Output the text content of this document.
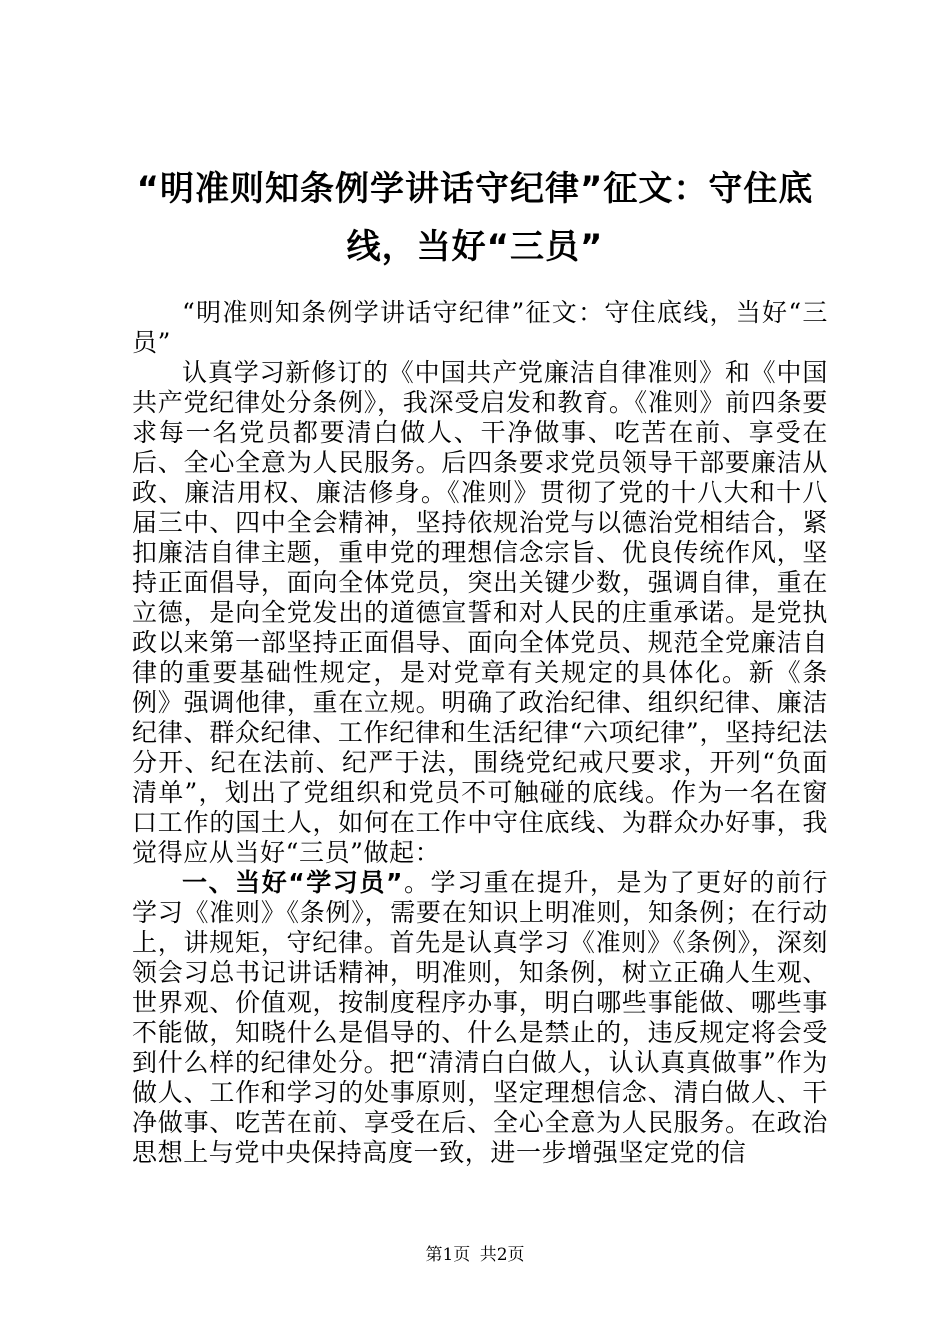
“明准则知条例学讲话守纪律”征文：守住底线，当好“三员”

“明准则知条例学讲话守纪律”征文：守住底线，当好“三员”

认真学习新修订的《中国共产党廉洁自律准则》和《中国共产党纪律处分条例》，我深受启发和教育。《准则》前四条要求每一名党员都要清白做人、干净做事、吃苦在前、享受在后、全心全意为人民服务。后四条要求党员领导干部要廉洁从政、廉洁用权、廉洁修身。《准则》贯彻了党的十八大和十八届三中、四中全会精神，坚持依规治党与以德治党相结合，紧扣廉洁自律主题，重申党的理想信念宗旨、优良传统作风，坚持正面倡导，面向全体党员，突出关键少数，强调自律，重在立德，是向全党发出的道德宣誓和对人民的庄重承诺。是党执政以来第一部坚持正面倡导、面向全体党员、规范全党廉洁自律的重要基础性规定，是对党章有关规定的具体化。新《条例》强调他律，重在立规。明确了政治纪律、组织纪律、廉洁纪律、群众纪律、工作纪律和生活纪律“六项纪律”，坚持纪法分开、纪在法前、纪严于法，围绕党纪戒尺要求，开列“负面清单”，划出了党组织和党员不可触碰的底线。作为一名在窗口工作的国土人，如何在工作中守住底线、为群众办好事，我觉得应从当好“三员”做起：

一、当好“学习员”。学习重在提升，是为了更好的前行学习《准则》《条例》，需要在知识上明准则，知条例；在行动上，讲规矩，守纪律。首先是认真学习《准则》《条例》，深刻领会习总书记讲话精神，明准则，知条例，树立正确人生观、世界观、价值观，按制度程序办事，明白哪些事能做、哪些事不能做，知晓什么是倡导的、什么是禁止的，违反规定将会受到什么样的纪律处分。把“清清白白做人，认认真真做事”作为做人、工作和学习的处事原则，坚定理想信念、清白做人、干净做事、吃苦在前、享受在后、全心全意为人民服务。在政治思想上与党中央保持高度一致，进一步增强坚定党的信

第1页 共2页
